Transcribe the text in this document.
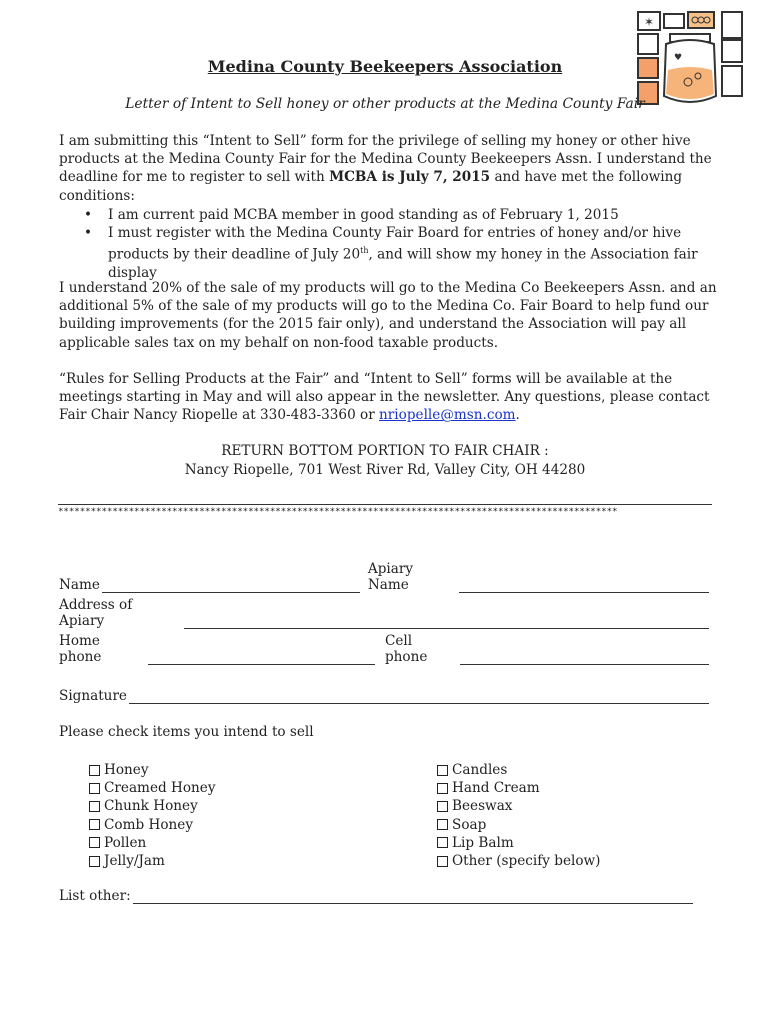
✶
♥
Medina County Beekeepers Association
Letter of Intent to Sell honey or other products at the Medina County Fair
I am submitting this “Intent to Sell” form for the privilege of selling my honey or other hive products at the Medina County Fair for the Medina County Beekeepers Assn. I understand the deadline for me to register to sell with MCBA is July 7, 2015 and have met the following conditions:
• I am current paid MCBA member in good standing as of February 1, 2015
• I must register with the Medina County Fair Board for entries of honey and/or hive products by their deadline of July 20th, and will show my honey in the Association fair display
I understand 20% of the sale of my products will go to the Medina Co Beekeepers Assn. and an additional 5% of the sale of my products will go to the Medina Co. Fair Board to help fund our building improvements (for the 2015 fair only), and understand the Association will pay all applicable sales tax on my behalf on non-food taxable products.
“Rules for Selling Products at the Fair” and “Intent to Sell” forms will be available at the meetings starting in May and will also appear in the newsletter. Any questions, please contact Fair Chair Nancy Riopelle at 330-483-3360 or nriopelle@msn.com.
RETURN BOTTOM PORTION TO FAIR CHAIR :
Nancy Riopelle, 701 West River Rd, Valley City, OH 44280
*******************************************************************************************************
Name
Apiary Name
Address of Apiary
Home phone
Cell phone
Signature
Please check items you intend to sell
Honey
Creamed Honey
Chunk Honey
Comb Honey
Pollen
Jelly/Jam
Candles
Hand Cream
Beeswax
Soap
Lip Balm
Other (specify below)
List other:
